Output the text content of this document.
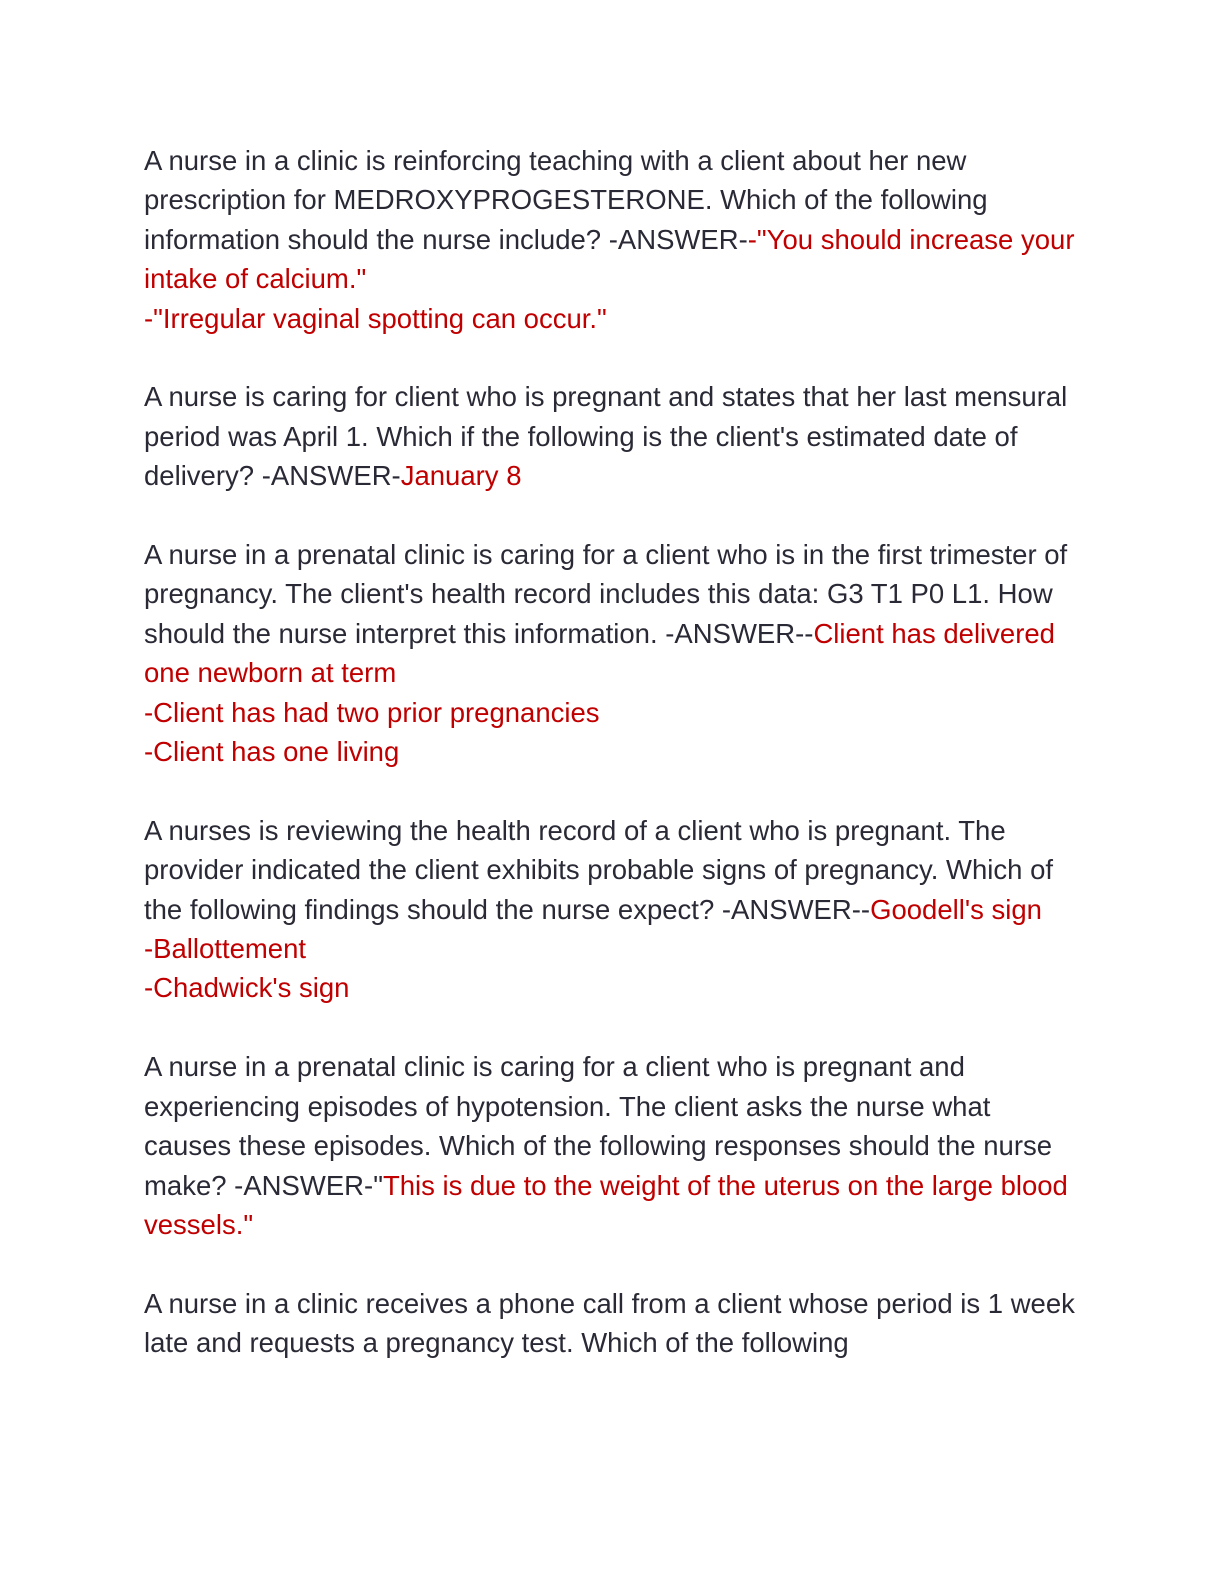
A nurse in a clinic is reinforcing teaching with a client about her new prescription for MEDROXYPROGESTERONE. Which of the following information should the nurse include? -ANSWER--"You should increase your intake of calcium."
-"Irregular vaginal spotting can occur."

A nurse is caring for client who is pregnant and states that her last mensural period was April 1. Which if the following is the client's estimated date of delivery? -ANSWER-January 8

A nurse in a prenatal clinic is caring for a client who is in the first trimester of pregnancy. The client's health record includes this data: G3 T1 P0 L1. How should the nurse interpret this information. -ANSWER--Client has delivered one newborn at term
-Client has had two prior pregnancies
-Client has one living

A nurses is reviewing the health record of a client who is pregnant. The provider indicated the client exhibits probable signs of pregnancy. Which of the following findings should the nurse expect? -ANSWER--Goodell's sign
-Ballottement
-Chadwick's sign

A nurse in a prenatal clinic is caring for a client who is pregnant and experiencing episodes of hypotension. The client asks the nurse what causes these episodes. Which of the following responses should the nurse make? -ANSWER-"This is due to the weight of the uterus on the large blood vessels."

A nurse in a clinic receives a phone call from a client whose period is 1 week late and requests a pregnancy test. Which of the following
